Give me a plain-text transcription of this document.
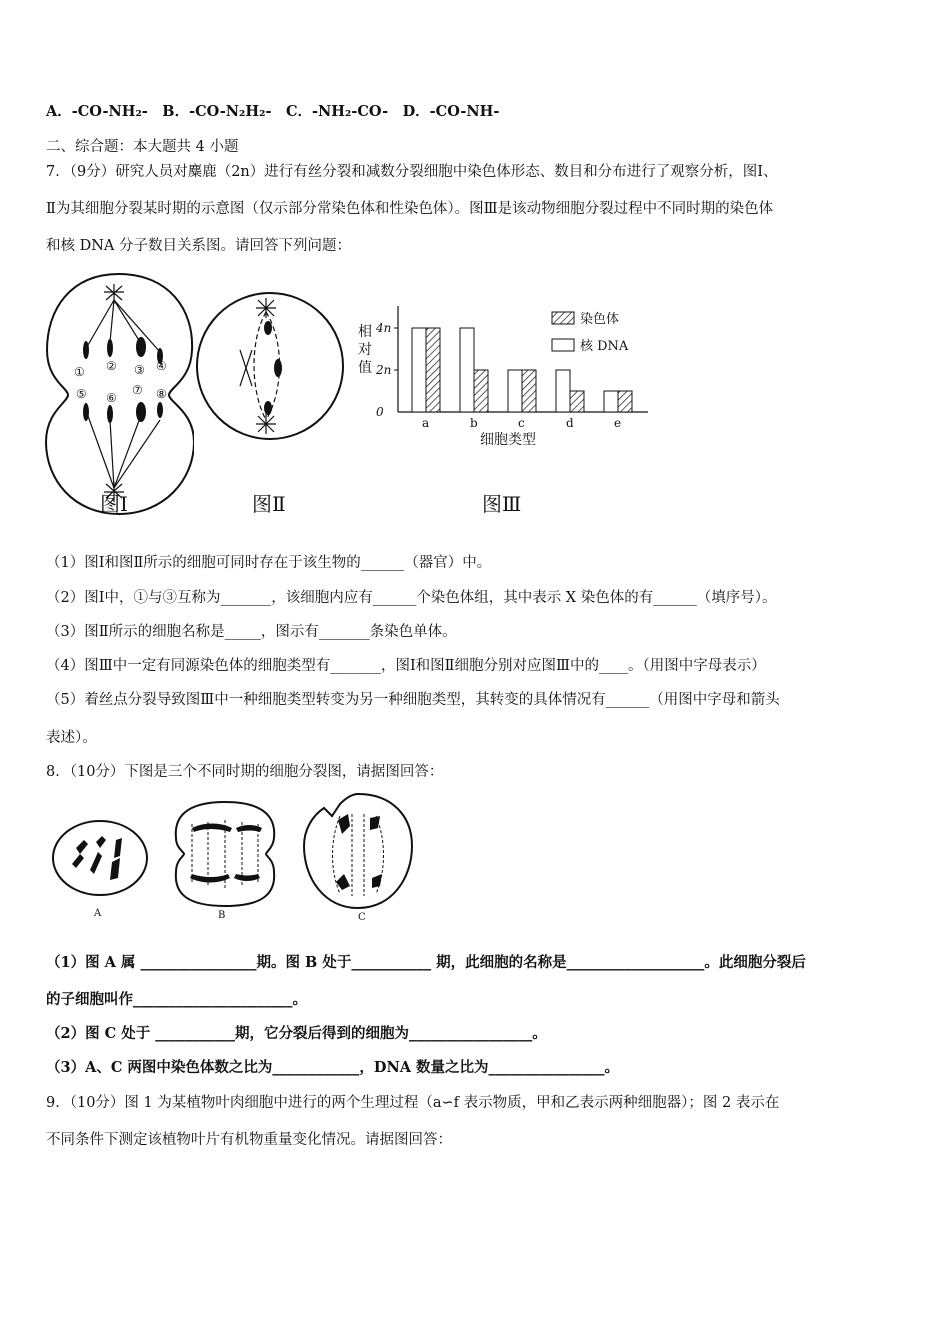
A．-CO-NH₂-　B．-CO-N₂H₂-　C．-NH₂-CO-　D．-CO-NH-
二、综合题：本大题共 4 小题
7．（9分）研究人员对麋鹿（2n）进行有丝分裂和减数分裂细胞中染色体形态、数目和分布进行了观察分析，图Ⅰ、
Ⅱ为其细胞分裂某时期的示意图（仅示部分常染色体和性染色体）。图Ⅲ是该动物细胞分裂过程中不同时期的染色体
和核 DNA 分子数目关系图。请回答下列问题：
① ② ③ ④
⑤ ⑥
⑦ ⑧
图Ⅰ	图Ⅱ
相
对
值
0
2n
4n
a	b	c	d	e
细胞类型
染色体
核 DNA
图Ⅲ
（1）图Ⅰ和图Ⅱ所示的细胞可同时存在于该生物的______（器官）中。
（2）图Ⅰ中，①与③互称为_______，该细胞内应有______个染色体组，其中表示 X 染色体的有______（填序号）。
（3）图Ⅱ所示的细胞名称是_____，图示有_______条染色单体。
（4）图Ⅲ中一定有同源染色体的细胞类型有_______，图Ⅰ和图Ⅱ细胞分别对应图Ⅲ中的____。（用图中字母表示）
（5）着丝点分裂导致图Ⅲ中一种细胞类型转变为另一种细胞类型，其转变的具体情况有______（用图中字母和箭头
表述）。
8．（10分）下图是三个不同时期的细胞分裂图，请据图回答：
A	B	C
（1）图 A 属 ________________期。图 B 处于___________ 期，此细胞的名称是___________________。此细胞分裂后
的子细胞叫作______________________。
（2）图 C 处于 ___________期，它分裂后得到的细胞为_________________。
（3）A、C 两图中染色体数之比为____________，DNA 数量之比为________________。
9．（10分）图 1 为某植物叶肉细胞中进行的两个生理过程（a∽f 表示物质，甲和乙表示两种细胞器）；图 2 表示在
不同条件下测定该植物叶片有机物重量变化情况。请据图回答：
